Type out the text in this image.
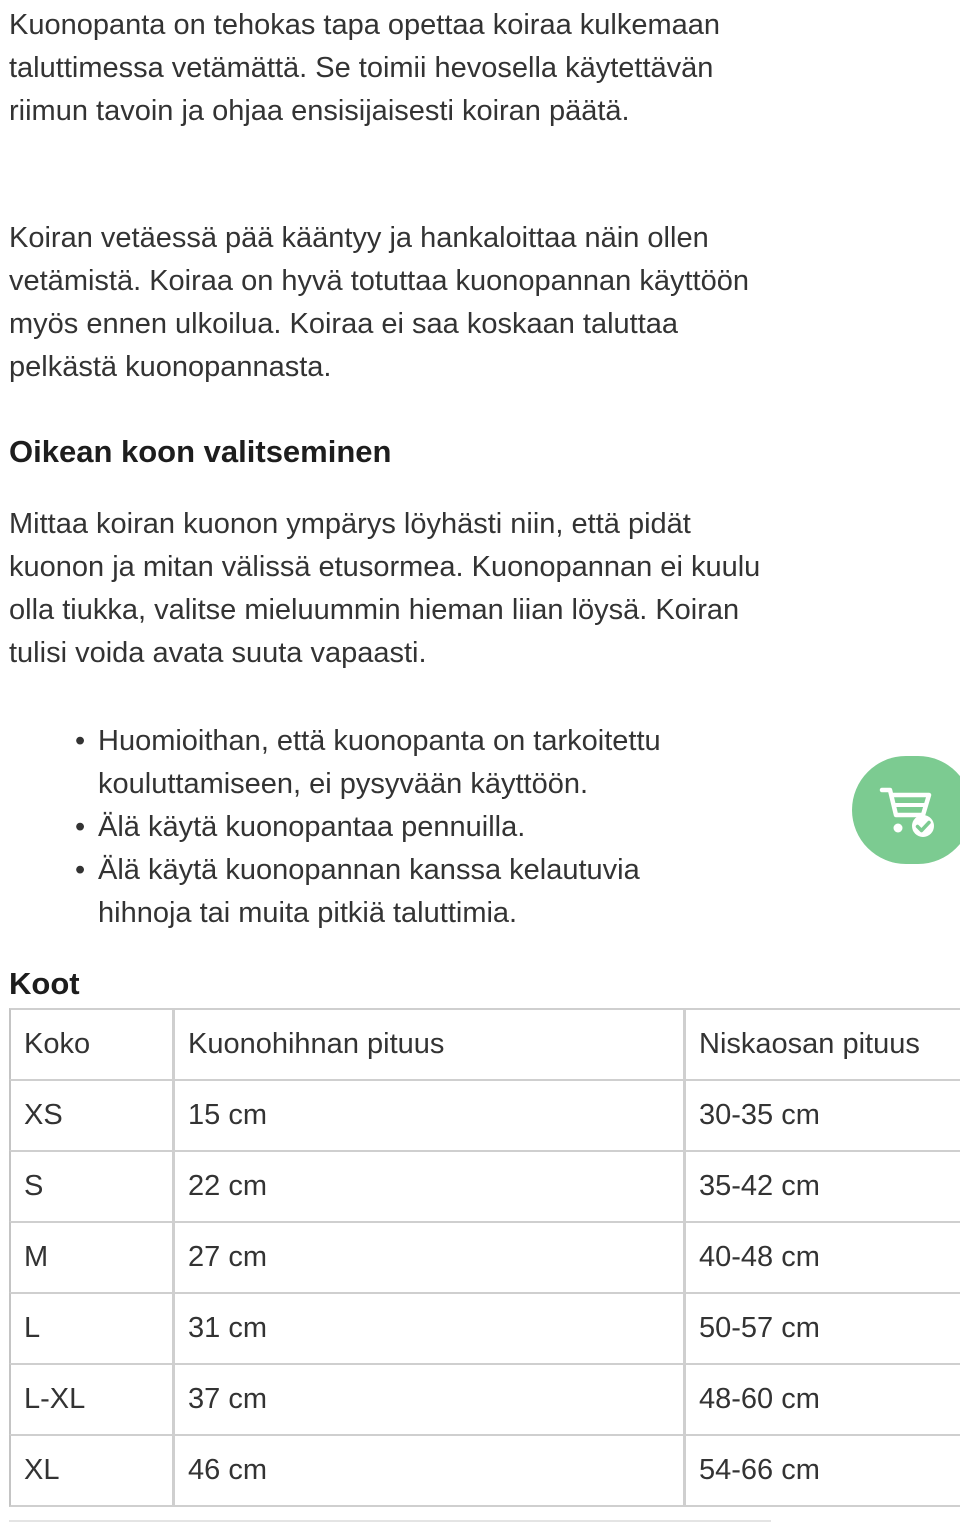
Kuonopanta on tehokas tapa opettaa koiraa kulkemaan taluttimessa vetämättä. Se toimii hevosella käytettävän riimun tavoin ja ohjaa ensisijaisesti koiran päätä.

Koiran vetäessä pää kääntyy ja hankaloittaa näin ollen vetämistä. Koiraa on hyvä totuttaa kuonopannan käyttöön myös ennen ulkoilua. Koiraa ei saa koskaan taluttaa pelkästä kuonopannasta.

Oikean koon valitseminen

Mittaa koiran kuonon ympärys löyhästi niin, että pidät kuonon ja mitan välissä etusormea. Kuonopannan ei kuulu olla tiukka, valitse mieluummin hieman liian löysä. Koiran tulisi voida avata suuta vapaasti.

• Huomioithan, että kuonopanta on tarkoitettu kouluttamiseen, ei pysyvään käyttöön.
• Älä käytä kuonopantaa pennuilla.
• Älä käytä kuonopannan kanssa kelautuvia hihnoja tai muita pitkiä taluttimia.
Koot
Koko	Kuonohihnan pituus	Niskaosan pituus
XS	15 cm	30-35 cm
S	22 cm	35-42 cm
M	27 cm	40-48 cm
L	31 cm	50-57 cm
L-XL	37 cm	48-60 cm
XL	46 cm	54-66 cm
